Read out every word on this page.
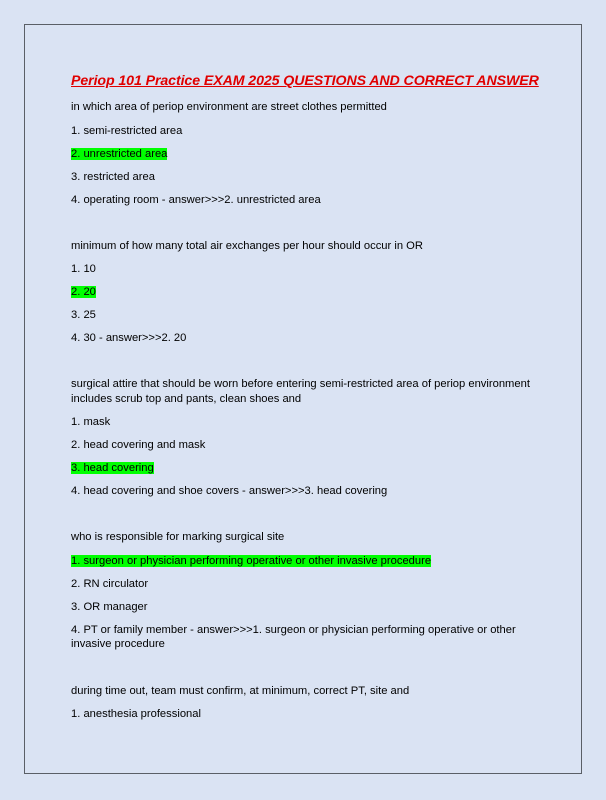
Periop 101 Practice EXAM 2025 QUESTIONS AND CORRECT ANSWER
in which area of periop environment are street clothes permitted
1. semi-restricted area
2. unrestricted area
3. restricted area
4. operating room - answer>>>2. unrestricted area
minimum of how many total air exchanges per hour should occur in OR
1. 10
2. 20
3. 25
4. 30 - answer>>>2. 20
surgical attire that should be worn before entering semi-restricted area of periop environment includes scrub top and pants, clean shoes and
1. mask
2. head covering and mask
3. head covering
4. head covering and shoe covers - answer>>>3. head covering
who is responsible for marking surgical site
1. surgeon or physician performing operative or other invasive procedure
2. RN circulator
3. OR manager
4. PT or family member - answer>>>1. surgeon or physician performing operative or other invasive procedure
during time out, team must confirm, at minimum, correct PT, site and
1. anesthesia professional
